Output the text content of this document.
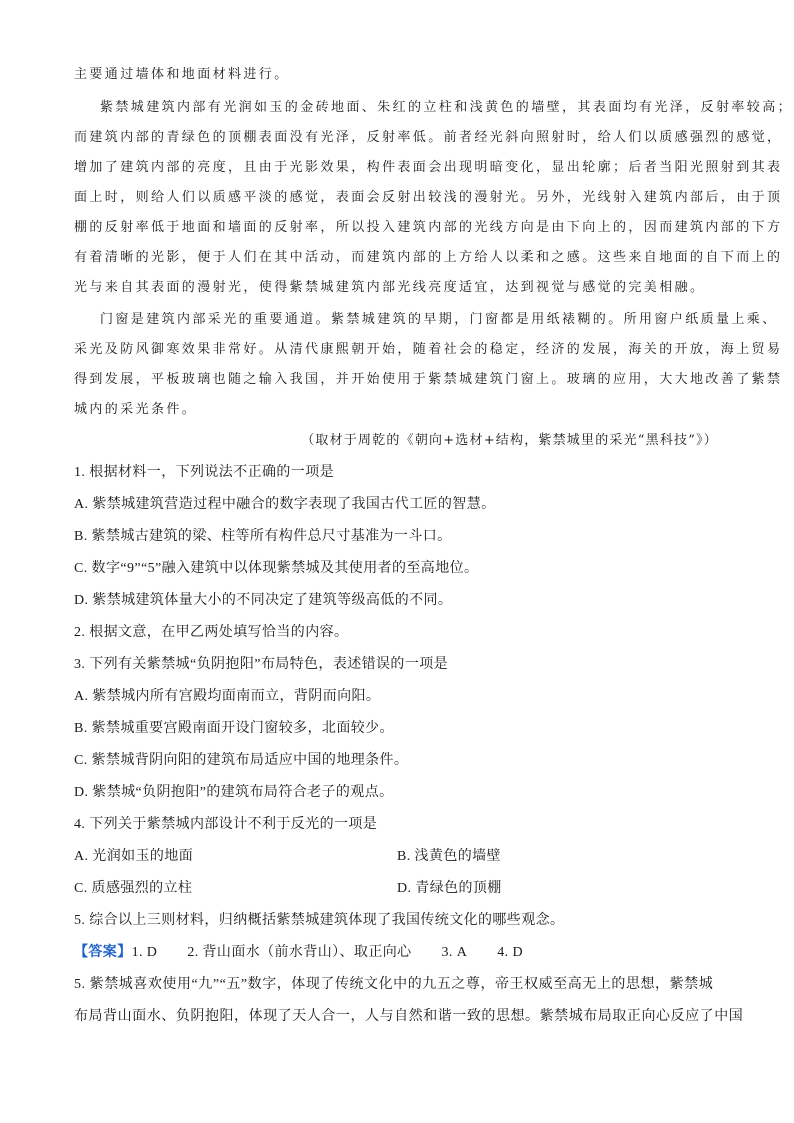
主要通过墙体和地面材料进行。
紫禁城建筑内部有光润如玉的金砖地面、朱红的立柱和浅黄色的墙壁，其表面均有光泽，反射率较高；
而建筑内部的青绿色的顶棚表面没有光泽，反射率低。前者经光斜向照射时，给人们以质感强烈的感觉，
增加了建筑内部的亮度，且由于光影效果，构件表面会出现明暗变化，显出轮廓；后者当阳光照射到其表
面上时，则给人们以质感平淡的感觉，表面会反射出较浅的漫射光。另外，光线射入建筑内部后，由于顶
棚的反射率低于地面和墙面的反射率，所以投入建筑内部的光线方向是由下向上的，因而建筑内部的下方
有着清晰的光影，便于人们在其中活动，而建筑内部的上方给人以柔和之感。这些来自地面的自下而上的
光与来自其表面的漫射光，使得紫禁城建筑内部光线亮度适宜，达到视觉与感觉的完美相融。
门窗是建筑内部采光的重要通道。紫禁城建筑的早期，门窗都是用纸裱糊的。所用窗户纸质量上乘、
采光及防风御寒效果非常好。从清代康熙朝开始，随着社会的稳定，经济的发展，海关的开放，海上贸易
得到发展，平板玻璃也随之输入我国，并开始使用于紫禁城建筑门窗上。玻璃的应用，大大地改善了紫禁
城内的采光条件。
（取材于周乾的《朝向+选材+结构，紫禁城里的采光“黑科技”》）
1. 根据材料一，下列说法不正确的一项是
A. 紫禁城建筑营造过程中融合的数字表现了我国古代工匠的智慧。
B. 紫禁城古建筑的梁、柱等所有构件总尺寸基准为一斗口。
C. 数字“9”“5”融入建筑中以体现紫禁城及其使用者的至高地位。
D. 紫禁城建筑体量大小的不同决定了建筑等级高低的不同。
2. 根据文意，在甲乙两处填写恰当的内容。
3. 下列有关紫禁城“负阴抱阳”布局特色，表述错误的一项是
A. 紫禁城内所有宫殿均面南而立，背阴而向阳。
B. 紫禁城重要宫殿南面开设门窗较多，北面较少。
C. 紫禁城背阴向阳的建筑布局适应中国的地理条件。
D. 紫禁城“负阴抱阳”的建筑布局符合老子的观点。
4. 下列关于紫禁城内部设计不利于反光的一项是
A. 光润如玉的地面	B. 浅黄色的墙壁
C. 质感强烈的立柱	D. 青绿色的顶棚
5. 综合以上三则材料，归纳概括紫禁城建筑体现了我国传统文化的哪些观念。
【答案】1. D 2. 背山面水（前水背山）、取正向心 3. A 4. D
5. 紫禁城喜欢使用“九”“五”数字，体现了传统文化中的九五之尊，帝王权威至高无上的思想，紫禁城
布局背山面水、负阴抱阳，体现了天人合一，人与自然和谐一致的思想。紫禁城布局取正向心反应了中国
